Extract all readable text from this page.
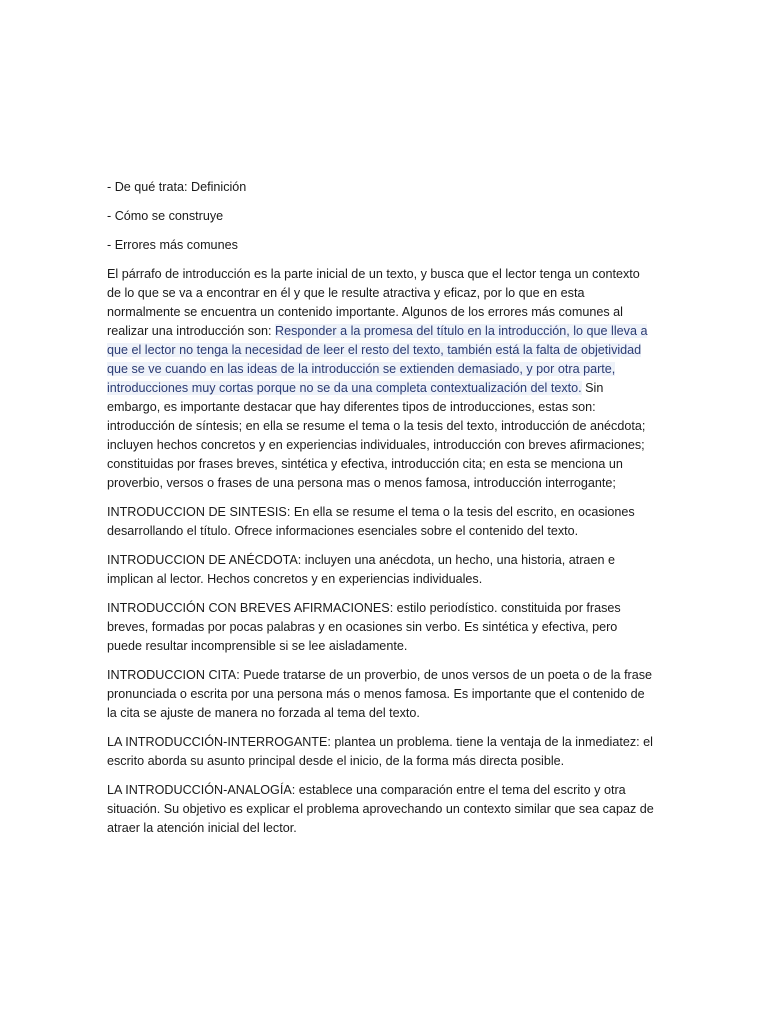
- De qué trata: Definición
- Cómo se construye
- Errores más comunes

El párrafo de introducción es la parte inicial de un texto, y busca que el lector tenga un contexto de lo que se va a encontrar en él y que le resulte atractiva y eficaz, por lo que en esta normalmente se encuentra un contenido importante. Algunos de los errores más comunes al realizar una introducción son: Responder a la promesa del título en la introducción, lo que lleva a que el lector no tenga la necesidad de leer el resto del texto, también está la falta de objetividad que se ve cuando en las ideas de la introducción se extienden demasiado, y por otra parte, introducciones muy cortas porque no se da una completa contextualización del texto. Sin embargo, es importante destacar que hay diferentes tipos de introducciones, estas son: introducción de síntesis; en ella se resume el tema o la tesis del texto, introducción de anécdota; incluyen hechos concretos y en experiencias individuales, introducción con breves afirmaciones; constituidas por frases breves, sintética y efectiva, introducción cita; en esta se menciona un proverbio, versos o frases de una persona mas o menos famosa, introducción interrogante;

INTRODUCCION DE SINTESIS: En ella se resume el tema o la tesis del escrito, en ocasiones desarrollando el título. Ofrece informaciones esenciales sobre el contenido del texto.

INTRODUCCION DE ANÉCDOTA: incluyen una anécdota, un hecho, una historia, atraen e implican al lector. Hechos concretos y en experiencias individuales.

INTRODUCCIÓN CON BREVES AFIRMACIONES: estilo periodístico. constituida por frases breves, formadas por pocas palabras y en ocasiones sin verbo. Es sintética y efectiva, pero puede resultar incomprensible si se lee aisladamente.

INTRODUCCION CITA: Puede tratarse de un proverbio, de unos versos de un poeta o de la frase pronunciada o escrita por una persona más o menos famosa. Es importante que el contenido de la cita se ajuste de manera no forzada al tema del texto.

LA INTRODUCCIÓN-INTERROGANTE: plantea un problema. tiene la ventaja de la inmediatez: el escrito aborda su asunto principal desde el inicio, de la forma más directa posible.

LA INTRODUCCIÓN-ANALOGÍA: establece una comparación entre el tema del escrito y otra situación. Su objetivo es explicar el problema aprovechando un contexto similar que sea capaz de atraer la atención inicial del lector.
